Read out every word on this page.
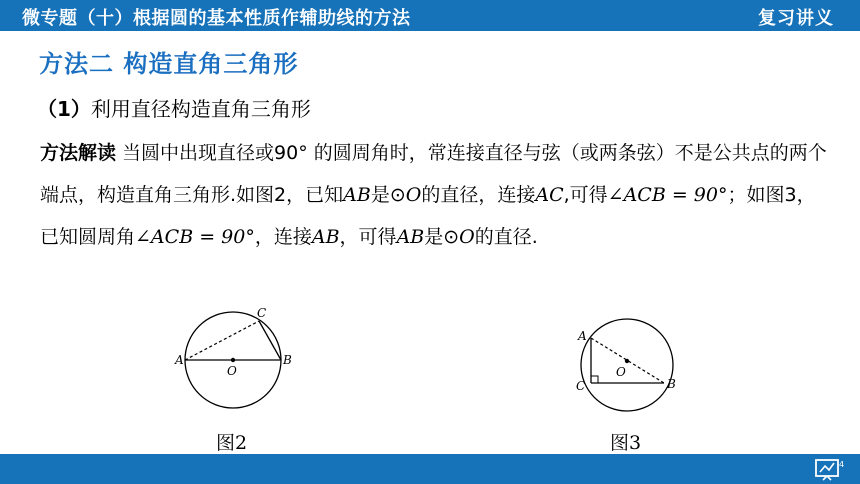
微专题（十）根据圆的基本性质作辅助线的方法	复习讲义
方法二 构造直角三角形
（1）利用直径构造直角三角形
方法解读 当圆中出现直径或90° 的圆周角时，常连接直径与弦（或两条弦）不是公共点的两个端点，构造直角三角形.如图2，已知AB是⊙O的直径，连接AC,可得∠ACB = 90°；如图3，已知圆周角∠ACB = 90°，连接AB，可得AB是⊙O的直径.
A	B
C
O
图2
A
B
C
O
图3
4
